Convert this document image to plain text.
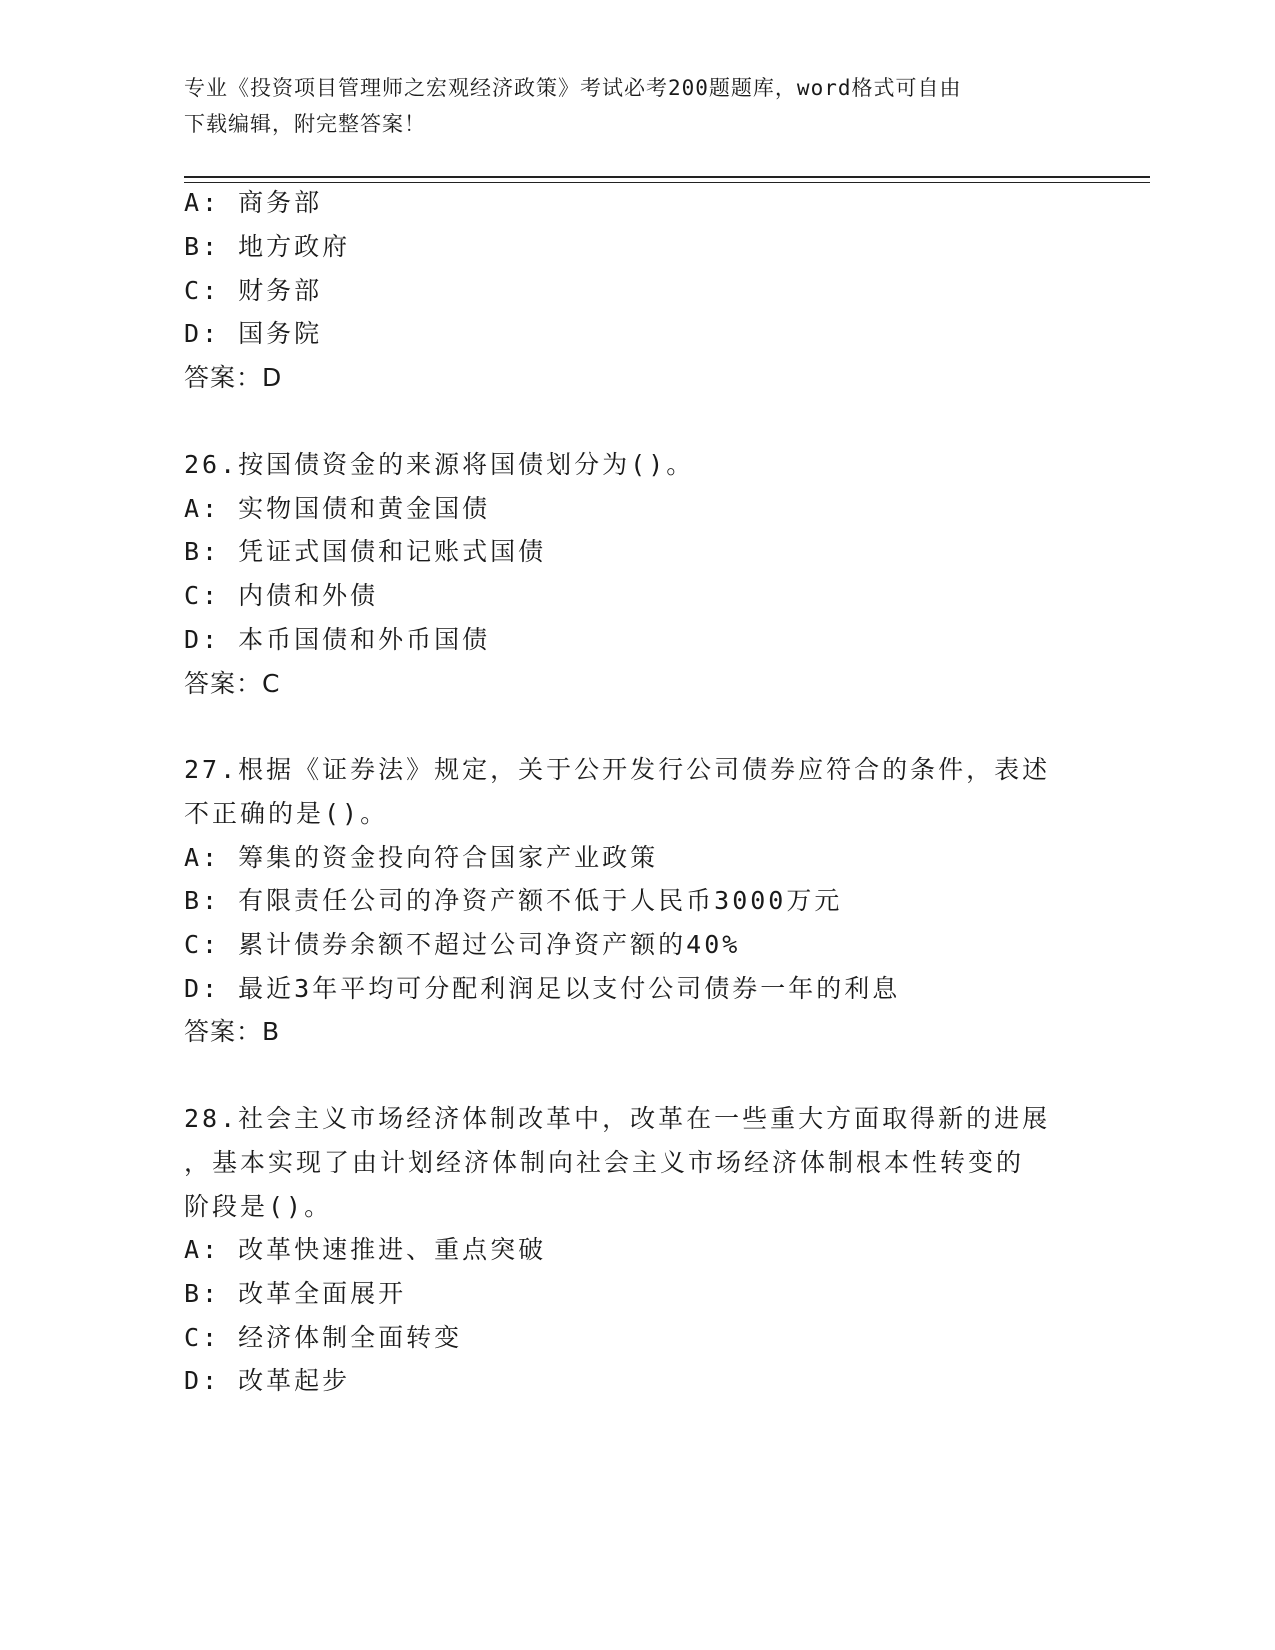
专业《投资项目管理师之宏观经济政策》考试必考200题题库，word格式可自由
下载编辑，附完整答案！
A: 商务部
B: 地方政府
C: 财务部
D: 国务院
答案：D
26.按国债资金的来源将国债划分为()。
A: 实物国债和黄金国债
B: 凭证式国债和记账式国债
C: 内债和外债
D: 本币国债和外币国债
答案：C
27.根据《证券法》规定，关于公开发行公司债券应符合的条件，表述
不正确的是()。
A: 筹集的资金投向符合国家产业政策
B: 有限责任公司的净资产额不低于人民币3000万元
C: 累计债券余额不超过公司净资产额的40%
D: 最近3年平均可分配利润足以支付公司债券一年的利息
答案：B
28.社会主义市场经济体制改革中，改革在一些重大方面取得新的进展
，基本实现了由计划经济体制向社会主义市场经济体制根本性转变的
阶段是()。
A: 改革快速推进、重点突破
B: 改革全面展开
C: 经济体制全面转变
D: 改革起步
